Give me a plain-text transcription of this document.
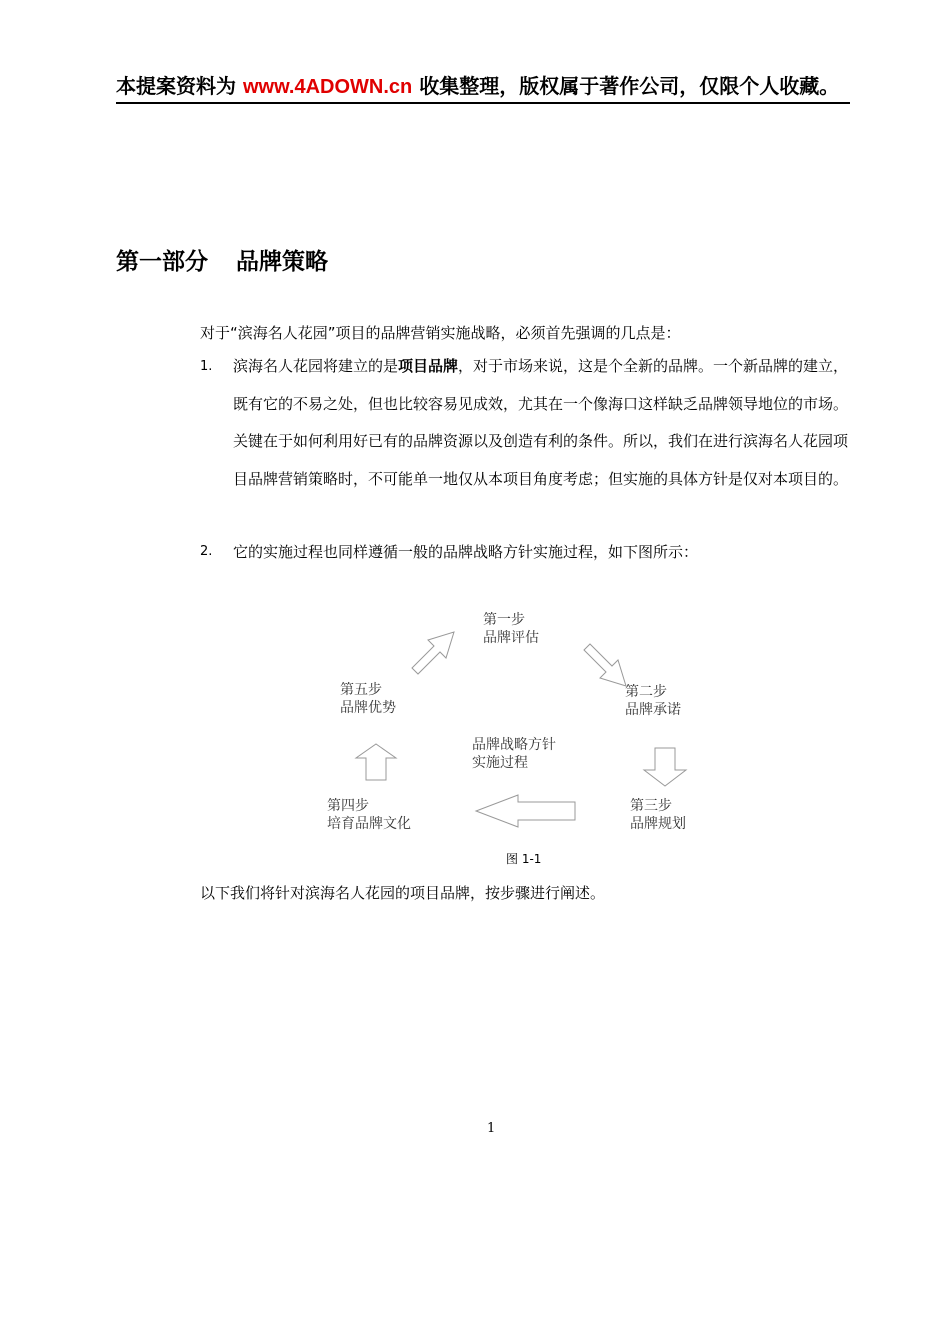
本提案资料为 www.4ADOWN.cn 收集整理，版权属于著作公司，仅限个人收藏。
第一部分 品牌策略
对于“滨海名人花园”项目的品牌营销实施战略，必须首先强调的几点是：
1.	滨海名人花园将建立的是项目品牌，对于市场来说，这是个全新的品牌。一个新品牌的建立，既有它的不易之处，但也比较容易见成效，尤其在一个像海口这样缺乏品牌领导地位的市场。关键在于如何利用好已有的品牌资源以及创造有利的条件。所以，我们在进行滨海名人花园项目品牌营销策略时，不可能单一地仅从本项目角度考虑；但实施的具体方针是仅对本项目的。
2.	它的实施过程也同样遵循一般的品牌战略方针实施过程，如下图所示：
第一步
品牌评估
第二步
品牌承诺
第三步
品牌规划
第四步
培育品牌文化
第五步
品牌优势
品牌战略方针
实施过程
图 1-1
以下我们将针对滨海名人花园的项目品牌，按步骤进行阐述。
1
